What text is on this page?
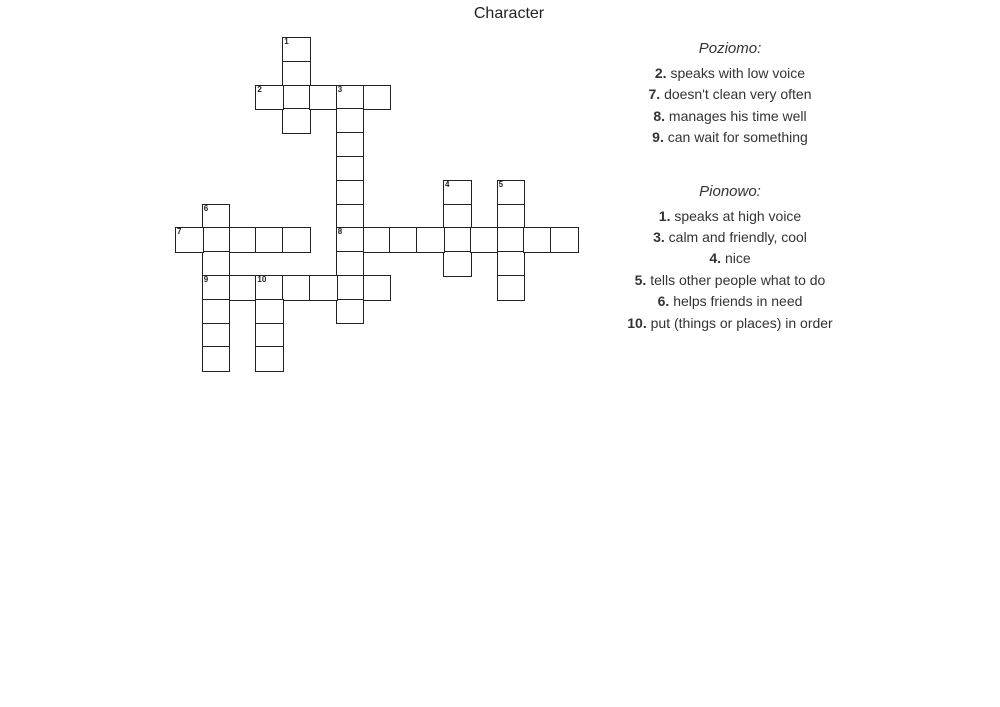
Character
1
2	3
8
4	5
6
9
7
10
Poziomo:
2. speaks with low voice
7. doesn't clean very often
8. manages his time well
9. can wait for something
Pionowo:
1. speaks at high voice
3. calm and friendly, cool
4. nice
5. tells other people what to do
6. helps friends in need
10. put (things or places) in order
